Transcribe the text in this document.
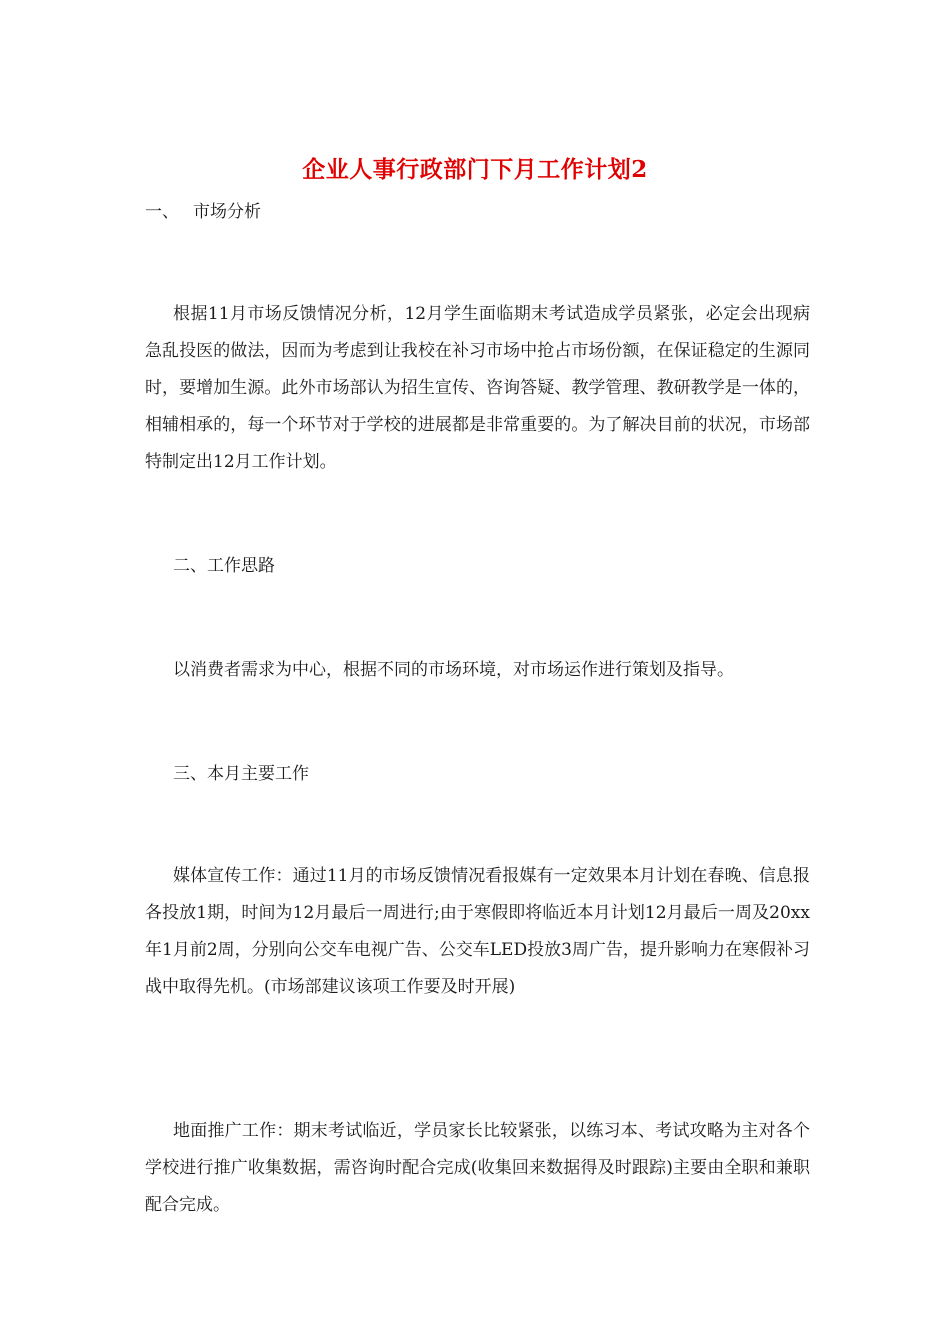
企业人事行政部门下月工作计划2
一、 市场分析
根据11月市场反馈情况分析，12月学生面临期末考试造成学员紧张，必定会出现病急乱投医的做法，因而为考虑到让我校在补习市场中抢占市场份额，在保证稳定的生源同时，要增加生源。此外市场部认为招生宣传、咨询答疑、教学管理、教研教学是一体的，相辅相承的，每一个环节对于学校的进展都是非常重要的。为了解决目前的状况，市场部特制定出12月工作计划。
二、工作思路
以消费者需求为中心，根据不同的市场环境，对市场运作进行策划及指导。
三、本月主要工作
媒体宣传工作：通过11月的市场反馈情况看报媒有一定效果本月计划在春晚、信息报各投放1期，时间为12月最后一周进行;由于寒假即将临近本月计划12月最后一周及20xx年1月前2周，分别向公交车电视广告、公交车LED投放3周广告，提升影响力在寒假补习战中取得先机。(市场部建议该项工作要及时开展)
地面推广工作：期末考试临近，学员家长比较紧张，以练习本、考试攻略为主对各个学校进行推广收集数据，需咨询时配合完成(收集回来数据得及时跟踪)主要由全职和兼职配合完成。
